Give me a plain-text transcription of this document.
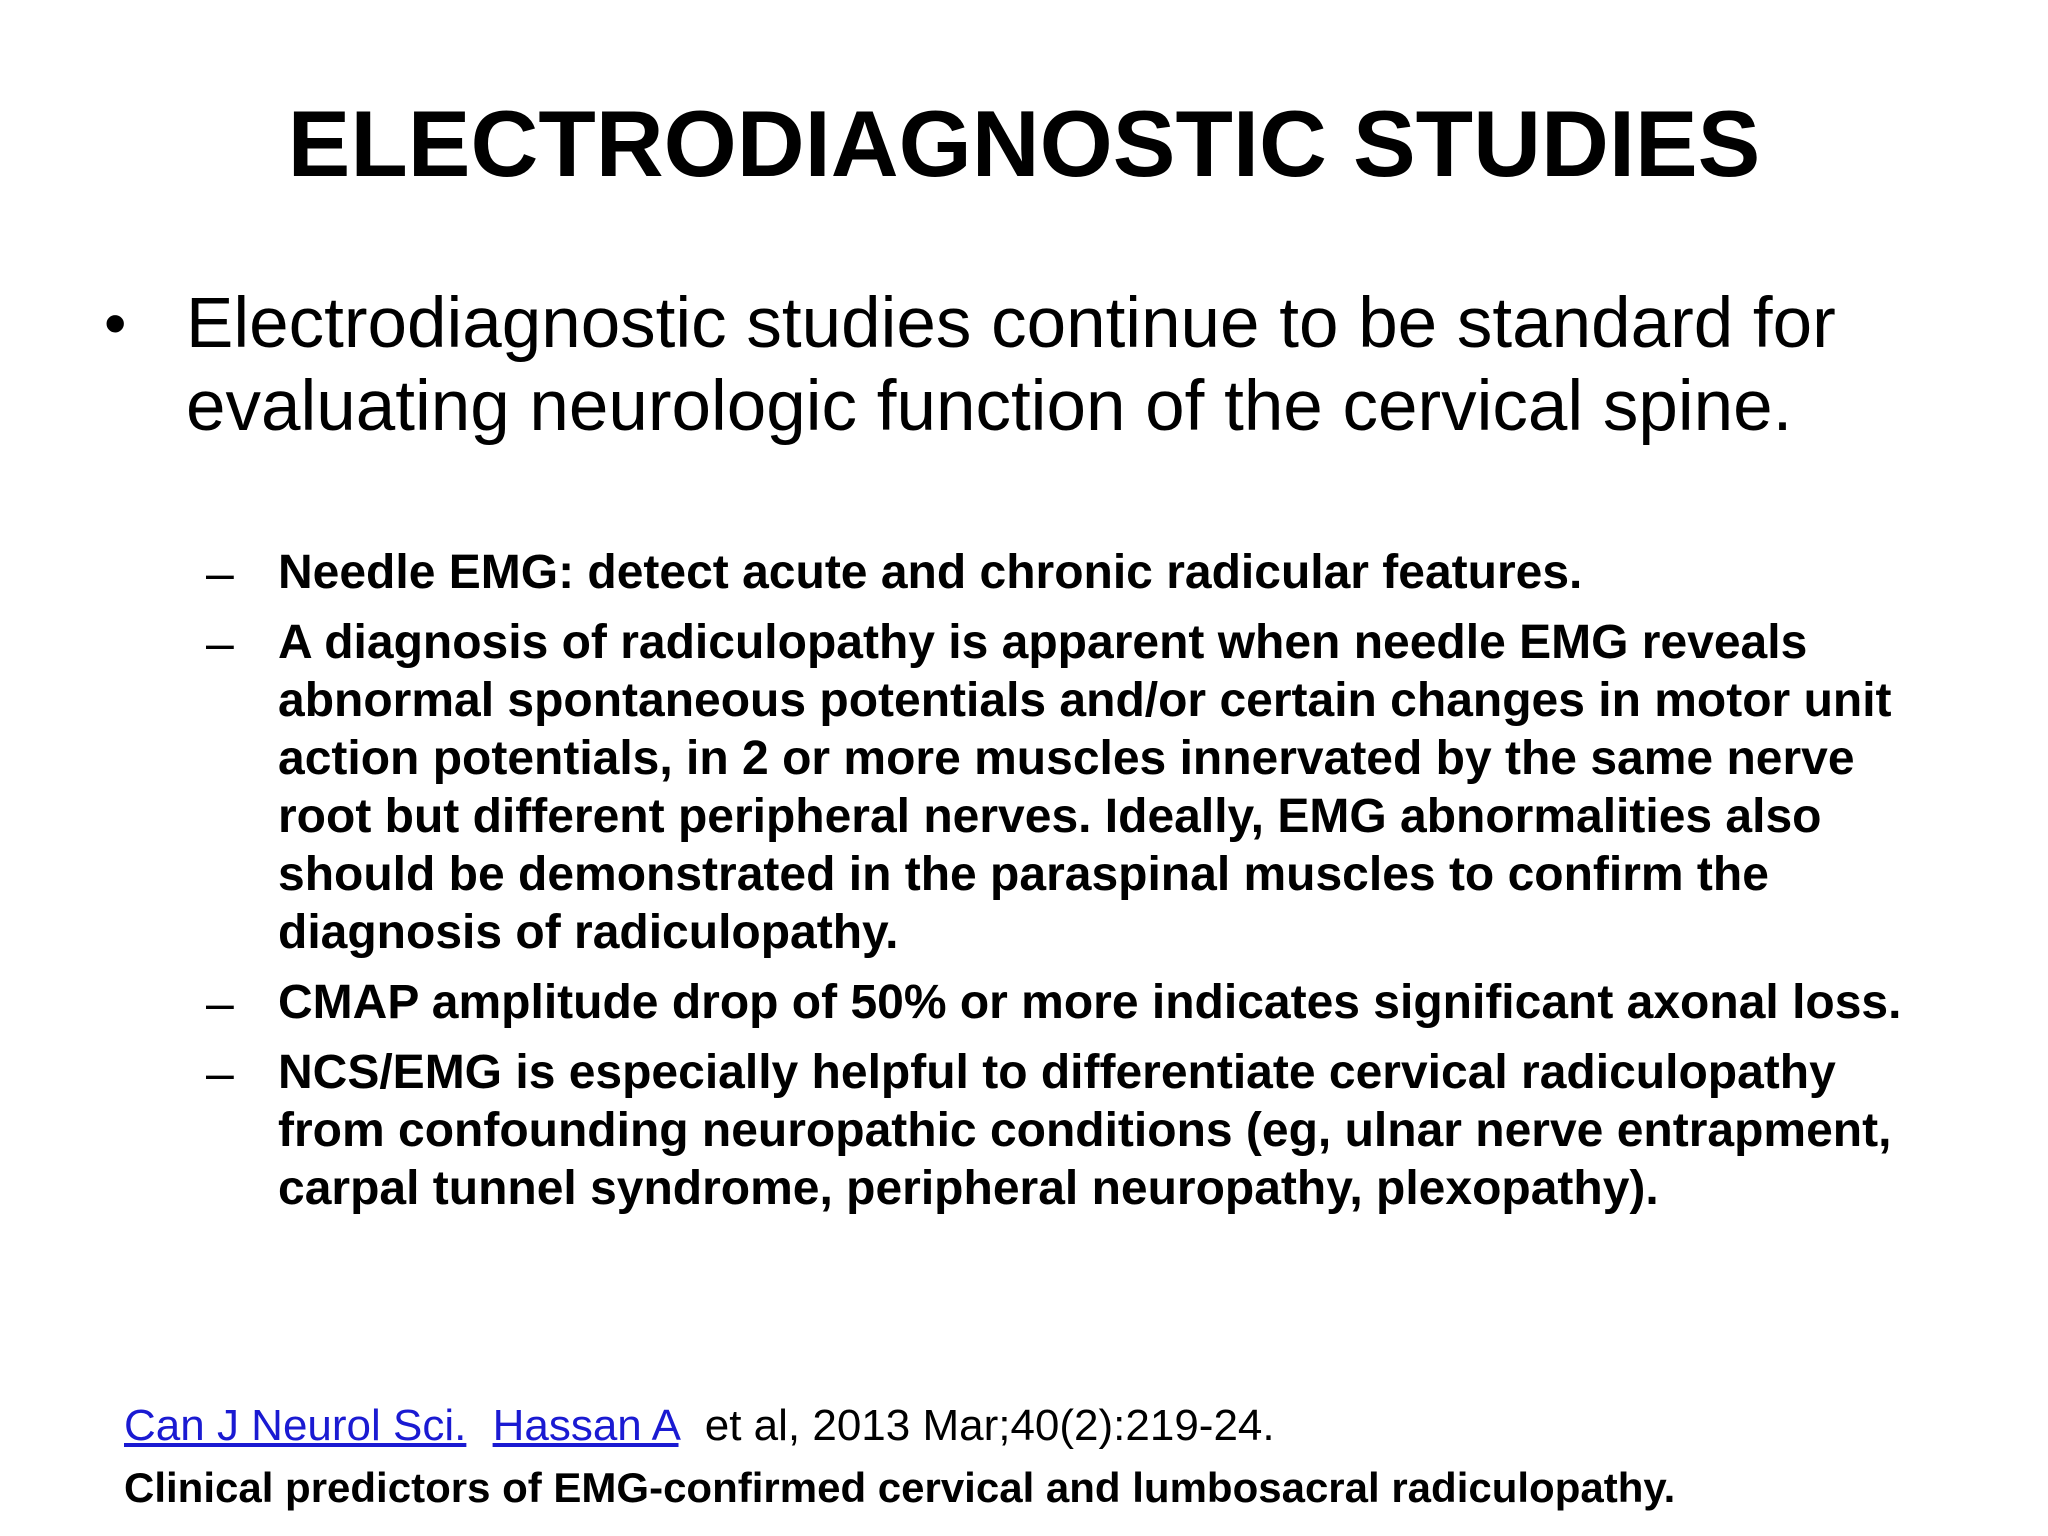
ELECTRODIAGNOSTIC STUDIES
• Electrodiagnostic studies continue to be standard for evaluating neurologic function of the cervical spine.
– Needle EMG: detect acute and chronic radicular features.
– A diagnosis of radiculopathy is apparent when needle EMG reveals abnormal spontaneous potentials and/or certain changes in motor unit action potentials, in 2 or more muscles innervated by the same nerve root but different peripheral nerves. Ideally, EMG abnormalities also should be demonstrated in the paraspinal muscles to confirm the diagnosis of radiculopathy.
– CMAP amplitude drop of 50% or more indicates significant axonal loss.
– NCS/EMG is especially helpful to differentiate cervical radiculopathy from confounding neuropathic conditions (eg, ulnar nerve entrapment, carpal tunnel syndrome, peripheral neuropathy, plexopathy).
Can J Neurol Sci. Hassan A et al, 2013 Mar;40(2):219-24.
Clinical predictors of EMG-confirmed cervical and lumbosacral radiculopathy.
